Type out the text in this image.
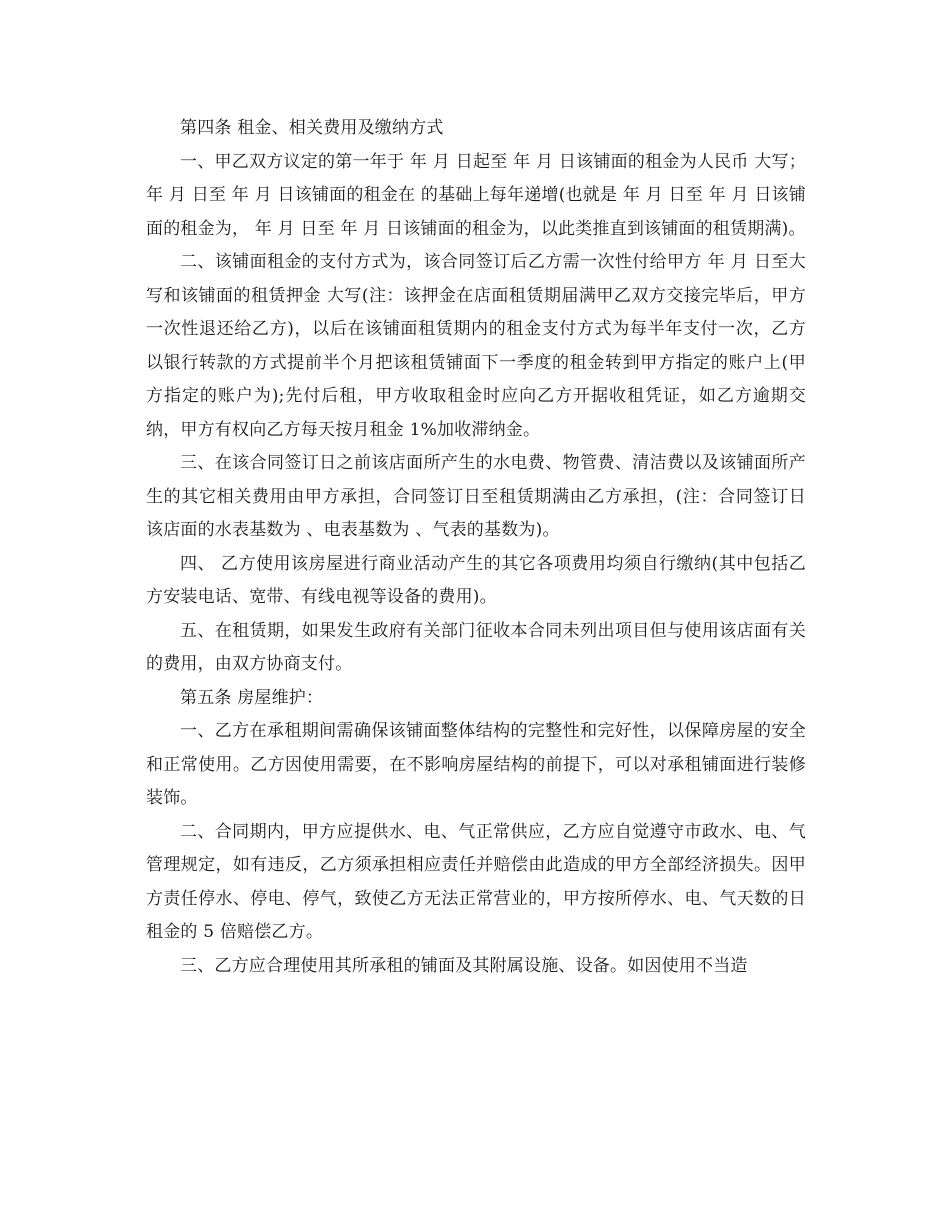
第四条 租金、相关费用及缴纳方式

一、甲乙双方议定的第一年于 年 月 日起至 年 月 日该铺面的租金为人民币 大写；年 月 日至 年 月 日该铺面的租金在 的基础上每年递增(也就是 年 月 日至 年 月 日该铺面的租金为， 年 月 日至 年 月 日该铺面的租金为，以此类推直到该铺面的租赁期满)。

二、该铺面租金的支付方式为，该合同签订后乙方需一次性付给甲方 年 月 日至大写和该铺面的租赁押金 大写(注：该押金在店面租赁期届满甲乙双方交接完毕后，甲方一次性退还给乙方)，以后在该铺面租赁期内的租金支付方式为每半年支付一次，乙方以银行转款的方式提前半个月把该租赁铺面下一季度的租金转到甲方指定的账户上(甲方指定的账户为);先付后租，甲方收取租金时应向乙方开据收租凭证，如乙方逾期交纳，甲方有权向乙方每天按月租金 1%加收滞纳金。

三、在该合同签订日之前该店面所产生的水电费、物管费、清洁费以及该铺面所产生的其它相关费用由甲方承担，合同签订日至租赁期满由乙方承担，(注：合同签订日该店面的水表基数为 、电表基数为 、气表的基数为)。

四、 乙方使用该房屋进行商业活动产生的其它各项费用均须自行缴纳(其中包括乙方安装电话、宽带、有线电视等设备的费用)。

五、在租赁期，如果发生政府有关部门征收本合同未列出项目但与使用该店面有关的费用，由双方协商支付。

第五条 房屋维护：

一、乙方在承租期间需确保该铺面整体结构的完整性和完好性，以保障房屋的安全和正常使用。乙方因使用需要，在不影响房屋结构的前提下，可以对承租铺面进行装修装饰。

二、合同期内，甲方应提供水、电、气正常供应，乙方应自觉遵守市政水、电、气管理规定，如有违反，乙方须承担相应责任并赔偿由此造成的甲方全部经济损失。因甲方责任停水、停电、停气，致使乙方无法正常营业的，甲方按所停水、电、气天数的日租金的 5 倍赔偿乙方。

三、乙方应合理使用其所承租的铺面及其附属设施、设备。如因使用不当造
